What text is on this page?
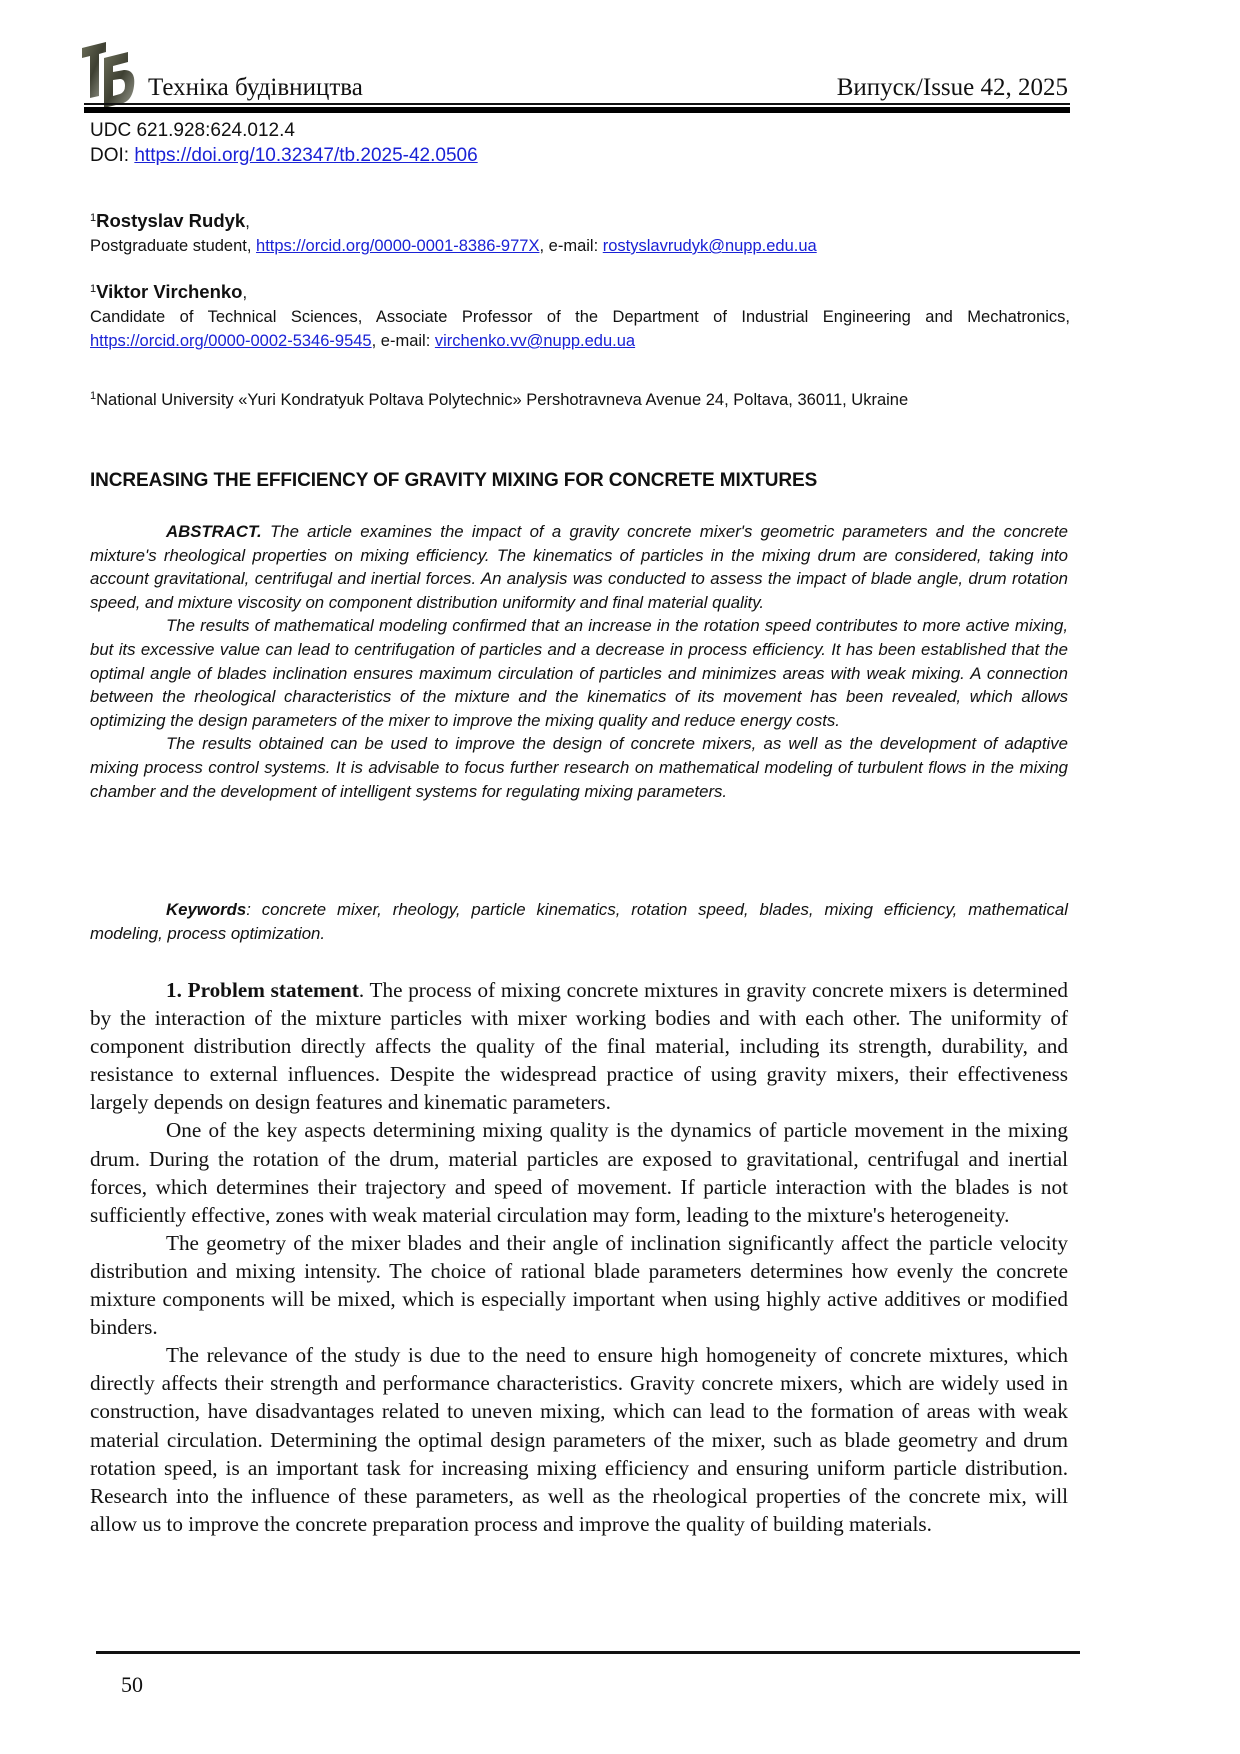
Техніка будівництва	Випуск/Issue 42, 2025
UDC 621.928:624.012.4
DOI: https://doi.org/10.32347/tb.2025-42.0506
$^1$Rostyslav Rudyk,
Postgraduate student, https://orcid.org/0000-0001-8386-977X, e-mail: rostyslavrudyk@nupp.edu.ua
$^1$Viktor Virchenko,
Candidate of Technical Sciences, Associate Professor of the Department of Industrial Engineering and Mechatronics, https://orcid.org/0000-0002-5346-9545, e-mail: virchenko.vv@nupp.edu.ua
$^1$National University «Yuri Kondratyuk Poltava Polytechnic» Pershotravneva Avenue 24, Poltava, 36011, Ukraine
INCREASING THE EFFICIENCY OF GRAVITY MIXING FOR CONCRETE MIXTURES

ABSTRACT. The article examines the impact of a gravity concrete mixer's geometric parameters and the concrete mixture's rheological properties on mixing efficiency. The kinematics of particles in the mixing drum are considered, taking into account gravitational, centrifugal and inertial forces. An analysis was conducted to assess the impact of blade angle, drum rotation speed, and mixture viscosity on component distribution uniformity and final material quality.

The results of mathematical modeling confirmed that an increase in the rotation speed contributes to more active mixing, but its excessive value can lead to centrifugation of particles and a decrease in process efficiency. It has been established that the optimal angle of blades inclination ensures maximum circulation of particles and minimizes areas with weak mixing. A connection between the rheological characteristics of the mixture and the kinematics of its movement has been revealed, which allows optimizing the design parameters of the mixer to improve the mixing quality and reduce energy costs.

The results obtained can be used to improve the design of concrete mixers, as well as the development of adaptive mixing process control systems. It is advisable to focus further research on mathematical modeling of turbulent flows in the mixing chamber and the development of intelligent systems for regulating mixing parameters.

Keywords: concrete mixer, rheology, particle kinematics, rotation speed, blades, mixing efficiency, mathematical modeling, process optimization.

1. Problem statement. The process of mixing concrete mixtures in gravity concrete mixers is determined by the interaction of the mixture particles with mixer working bodies and with each other. The uniformity of component distribution directly affects the quality of the final material, including its strength, durability, and resistance to external influences. Despite the widespread practice of using gravity mixers, their effectiveness largely depends on design features and kinematic parameters.

One of the key aspects determining mixing quality is the dynamics of particle movement in the mixing drum. During the rotation of the drum, material particles are exposed to gravitational, centrifugal and inertial forces, which determines their trajectory and speed of movement. If particle interaction with the blades is not sufficiently effective, zones with weak material circulation may form, leading to the mixture's heterogeneity.

The geometry of the mixer blades and their angle of inclination significantly affect the particle velocity distribution and mixing intensity. The choice of rational blade parameters determines how evenly the concrete mixture components will be mixed, which is especially important when using highly active additives or modified binders.

The relevance of the study is due to the need to ensure high homogeneity of concrete mixtures, which directly affects their strength and performance characteristics. Gravity concrete mixers, which are widely used in construction, have disadvantages related to uneven mixing, which can lead to the formation of areas with weak material circulation. Determining the optimal design parameters of the mixer, such as blade geometry and drum rotation speed, is an important task for increasing mixing efficiency and ensuring uniform particle distribution. Research into the influence of these parameters, as well as the rheological properties of the concrete mix, will allow us to improve the concrete preparation process and improve the quality of building materials.

50
